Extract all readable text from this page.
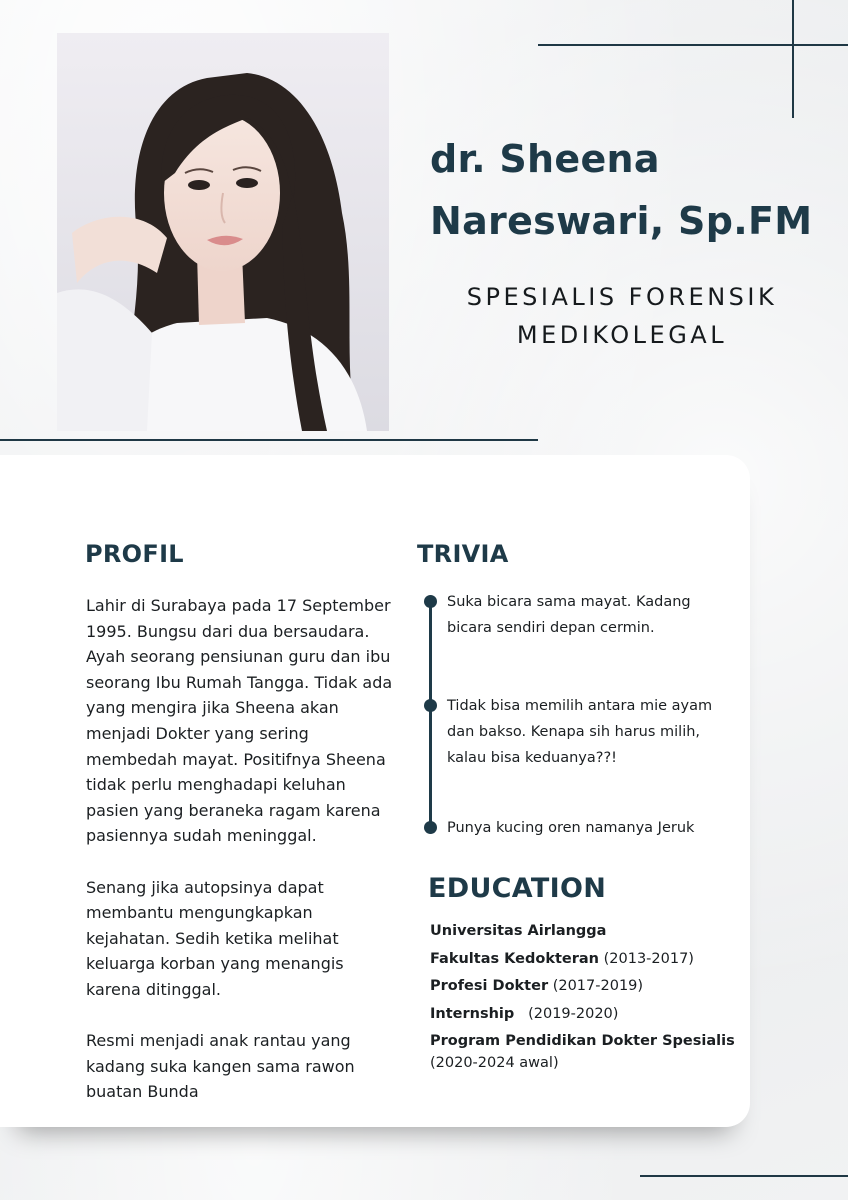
dr. Sheena
Nareswari, Sp.FM

SPESIALIS FORENSIK
MEDIKOLEGAL

PROFIL

Lahir di Surabaya pada 17 September 1995. Bungsu dari dua bersaudara. Ayah seorang pensiunan guru dan ibu seorang Ibu Rumah Tangga. Tidak ada yang mengira jika Sheena akan menjadi Dokter yang sering membedah mayat. Positifnya Sheena tidak perlu menghadapi keluhan pasien yang beraneka ragam karena pasiennya sudah meninggal.

Senang jika autopsinya dapat membantu mengungkapkan kejahatan. Sedih ketika melihat keluarga korban yang menangis karena ditinggal.

Resmi menjadi anak rantau yang kadang suka kangen sama rawon buatan Bunda

TRIVIA
Suka bicara sama mayat. Kadang bicara sendiri depan cermin.
Tidak bisa memilih antara mie ayam dan bakso. Kenapa sih harus milih, kalau bisa keduanya??!
Punya kucing oren namanya Jeruk
EDUCATION
Universitas Airlangga
Fakultas Kedokteran (2013-2017)
Profesi Dokter (2017-2019)
Internship   (2019-2020)
Program Pendidikan Dokter Spesialis
(2020-2024 awal)
